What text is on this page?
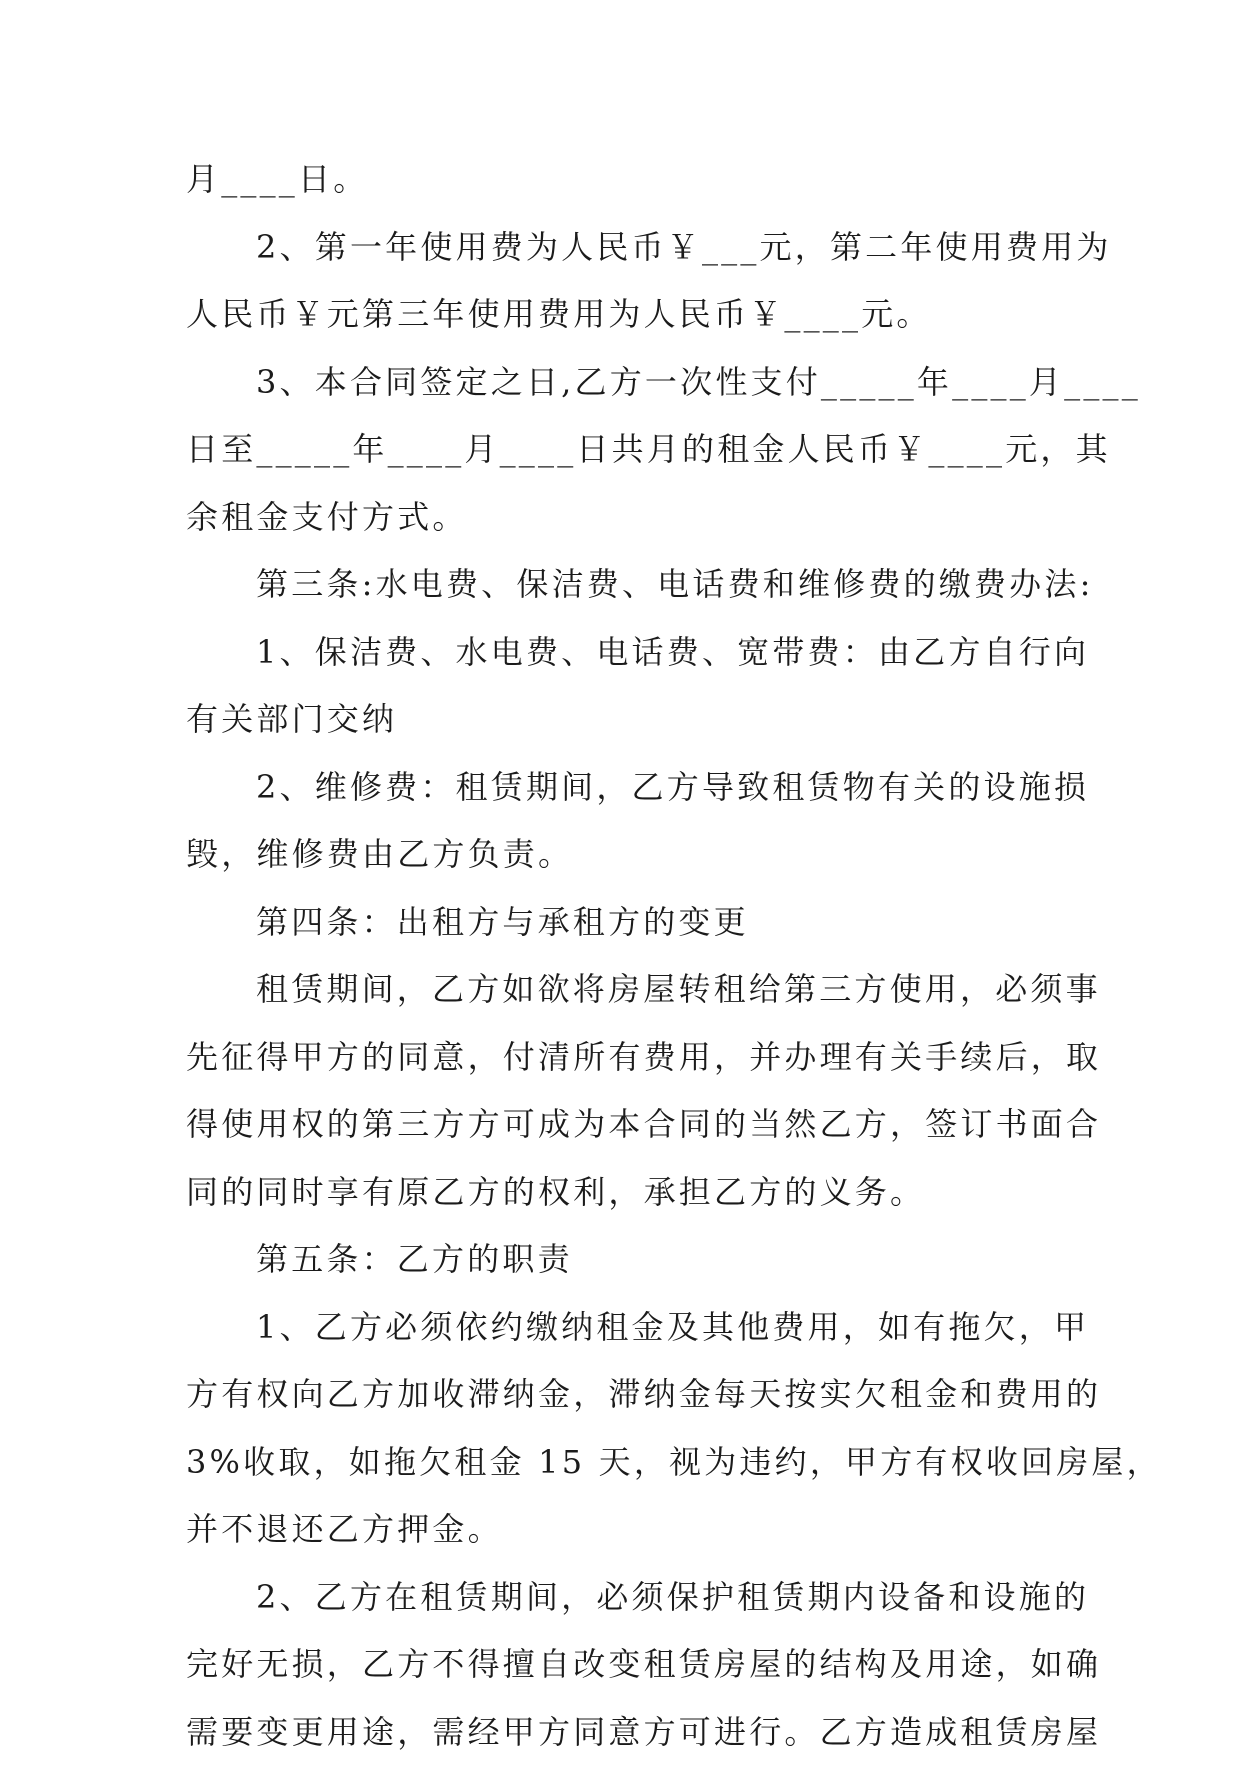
月____日。
2、第一年使用费为人民币￥___元，第二年使用费用为
人民币￥元第三年使用费用为人民币￥____元。
3、本合同签定之日,乙方一次性支付_____年____月____
日至_____年____月____日共月的租金人民币￥____元，其
余租金支付方式。
第三条:水电费、保洁费、电话费和维修费的缴费办法:
1、保洁费、水电费、电话费、宽带费：由乙方自行向
有关部门交纳
2、维修费：租赁期间，乙方导致租赁物有关的设施损
毁，维修费由乙方负责。
第四条：出租方与承租方的变更
租赁期间，乙方如欲将房屋转租给第三方使用，必须事
先征得甲方的同意，付清所有费用，并办理有关手续后，取
得使用权的第三方方可成为本合同的当然乙方，签订书面合
同的同时享有原乙方的权利，承担乙方的义务。
第五条：乙方的职责
1、乙方必须依约缴纳租金及其他费用，如有拖欠，甲
方有权向乙方加收滞纳金，滞纳金每天按实欠租金和费用的
3%收取，如拖欠租金 15 天，视为违约，甲方有权收回房屋，
并不退还乙方押金。
2、乙方在租赁期间，必须保护租赁期内设备和设施的
完好无损，乙方不得擅自改变租赁房屋的结构及用途，如确
需要变更用途，需经甲方同意方可进行。乙方造成租赁房屋
